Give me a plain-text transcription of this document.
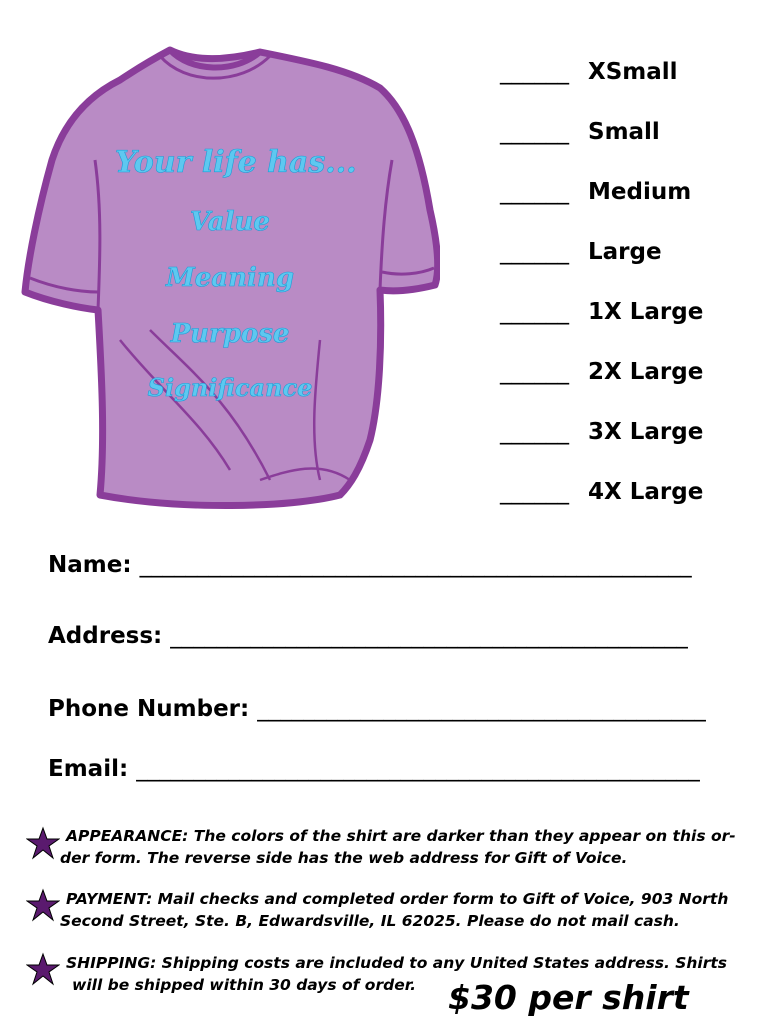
Your life has...
Value
Meaning
Purpose
Significance
______ XSmall
______ Small
______ Medium
______ Large
______ 1X Large
______ 2X Large
______ 3X Large
______ 4X Large
Name: ________________________________________________
Address: _____________________________________________
Phone Number: _______________________________________
Email: _________________________________________________
APPEARANCE: The colors of the shirt are darker than they appear on this or-
der form. The reverse side has the web address for Gift of Voice.
PAYMENT: Mail checks and completed order form to Gift of Voice, 903 North
Second Street, Ste. B, Edwardsville, IL 62025. Please do not mail cash.
SHIPPING: Shipping costs are included to any United States address. Shirts
will be shipped within 30 days of order. $30 per shirt
